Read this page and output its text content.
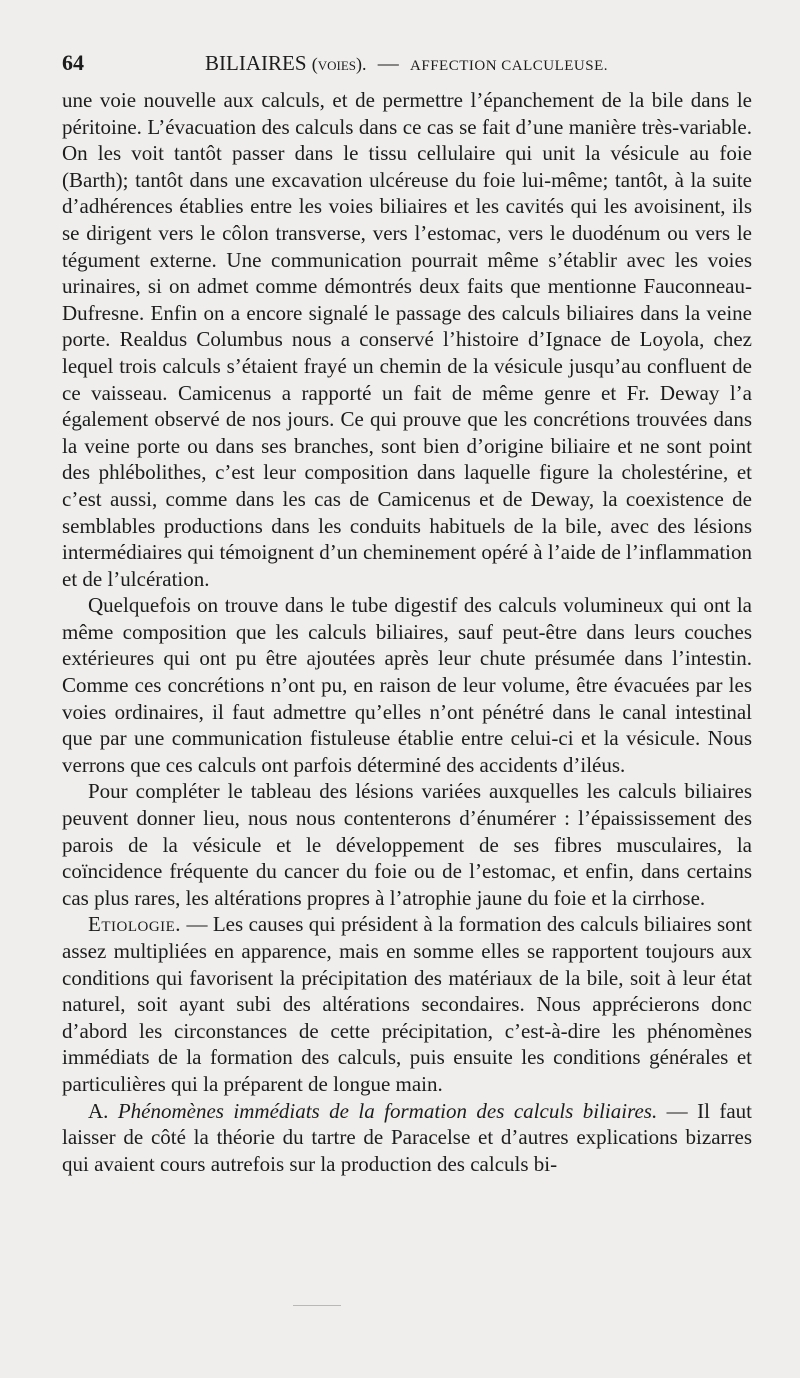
64	BILIAIRES (voies). — AFFECTION CALCULEUSE.

une voie nouvelle aux calculs, et de permettre l’épanchement de la bile dans le péritoine. L’évacuation des calculs dans ce cas se fait d’une manière très-variable. On les voit tantôt passer dans le tissu cellulaire qui unit la vésicule au foie (Barth); tantôt dans une excavation ulcéreuse du foie lui-même; tantôt, à la suite d’adhérences établies entre les voies biliaires et les cavités qui les avoisinent, ils se dirigent vers le côlon transverse, vers l’estomac, vers le duodénum ou vers le tégument externe. Une communication pourrait même s’établir avec les voies urinaires, si on admet comme démontrés deux faits que mentionne Fauconneau-Dufresne. Enfin on a encore signalé le passage des calculs biliaires dans la veine porte. Realdus Columbus nous a conservé l’histoire d’Ignace de Loyola, chez lequel trois calculs s’étaient frayé un chemin de la vésicule jusqu’au confluent de ce vaisseau. Camicenus a rapporté un fait de même genre et Fr. Deway l’a également observé de nos jours. Ce qui prouve que les concrétions trouvées dans la veine porte ou dans ses branches, sont bien d’origine biliaire et ne sont point des phlébolithes, c’est leur composition dans laquelle figure la cholestérine, et c’est aussi, comme dans les cas de Camicenus et de Deway, la coexistence de semblables productions dans les conduits habituels de la bile, avec des lésions intermédiaires qui témoignent d’un cheminement opéré à l’aide de l’inflammation et de l’ulcération.

Quelquefois on trouve dans le tube digestif des calculs volumineux qui ont la même composition que les calculs biliaires, sauf peut-être dans leurs couches extérieures qui ont pu être ajoutées après leur chute présumée dans l’intestin. Comme ces concrétions n’ont pu, en raison de leur volume, être évacuées par les voies ordinaires, il faut admettre qu’elles n’ont pénétré dans le canal intestinal que par une communication fistuleuse établie entre celui-ci et la vésicule. Nous verrons que ces calculs ont parfois déterminé des accidents d’iléus.

Pour compléter le tableau des lésions variées auxquelles les calculs biliaires peuvent donner lieu, nous nous contenterons d’énumérer : l’épaississement des parois de la vésicule et le développement de ses fibres musculaires, la coïncidence fréquente du cancer du foie ou de l’estomac, et enfin, dans certains cas plus rares, les altérations propres à l’atrophie jaune du foie et la cirrhose.

Etiologie. — Les causes qui président à la formation des calculs biliaires sont assez multipliées en apparence, mais en somme elles se rapportent toujours aux conditions qui favorisent la précipitation des matériaux de la bile, soit à leur état naturel, soit ayant subi des altérations secondaires. Nous apprécierons donc d’abord les circonstances de cette précipitation, c’est-à-dire les phénomènes immédiats de la formation des calculs, puis ensuite les conditions générales et particulières qui la préparent de longue main.

A. Phénomènes immédiats de la formation des calculs biliaires. — Il faut laisser de côté la théorie du tartre de Paracelse et d’autres explications bizarres qui avaient cours autrefois sur la production des calculs bi-
